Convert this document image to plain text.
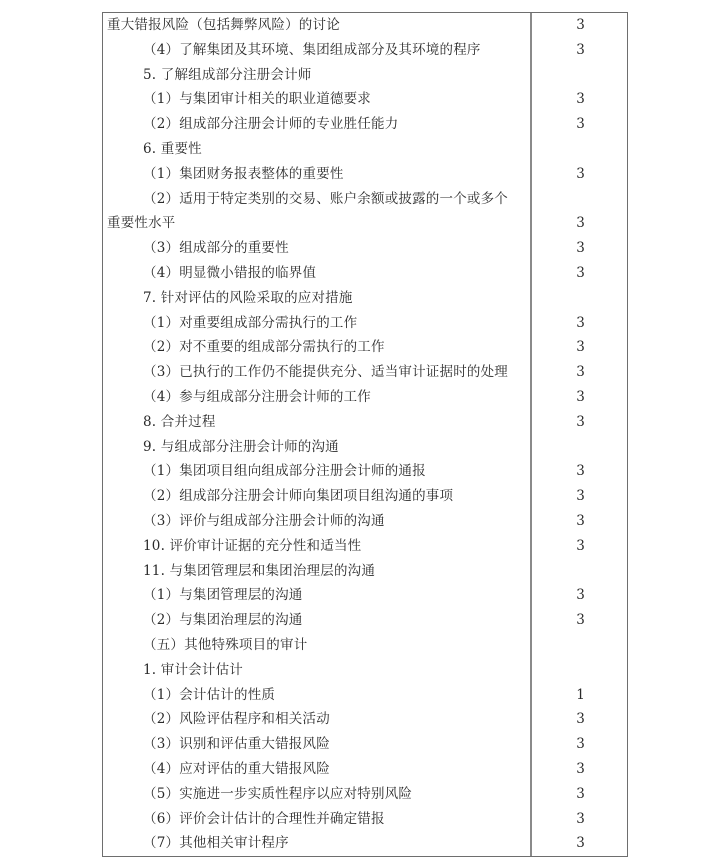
重大错报风险（包括舞弊风险）的讨论	3
（4）了解集团及其环境、集团组成部分及其环境的程序	3
5. 了解组成部分注册会计师
（1）与集团审计相关的职业道德要求	3
（2）组成部分注册会计师的专业胜任能力	3
6. 重要性
（1）集团财务报表整体的重要性	3
（2）适用于特定类别的交易、账户余额或披露的一个或多个
重要性水平	3
（3）组成部分的重要性	3
（4）明显微小错报的临界值	3
7. 针对评估的风险采取的应对措施
（1）对重要组成部分需执行的工作	3
（2）对不重要的组成部分需执行的工作	3
（3）已执行的工作仍不能提供充分、适当审计证据时的处理	3
（4）参与组成部分注册会计师的工作	3
8. 合并过程	3
9. 与组成部分注册会计师的沟通
（1）集团项目组向组成部分注册会计师的通报	3
（2）组成部分注册会计师向集团项目组沟通的事项	3
（3）评价与组成部分注册会计师的沟通	3
10. 评价审计证据的充分性和适当性	3
11. 与集团管理层和集团治理层的沟通
（1）与集团管理层的沟通	3
（2）与集团治理层的沟通	3
（五）其他特殊项目的审计
1. 审计会计估计
（1）会计估计的性质	1
（2）风险评估程序和相关活动	3
（3）识别和评估重大错报风险	3
（4）应对评估的重大错报风险	3
（5）实施进一步实质性程序以应对特别风险	3
（6）评价会计估计的合理性并确定错报	3
（7）其他相关审计程序	3
